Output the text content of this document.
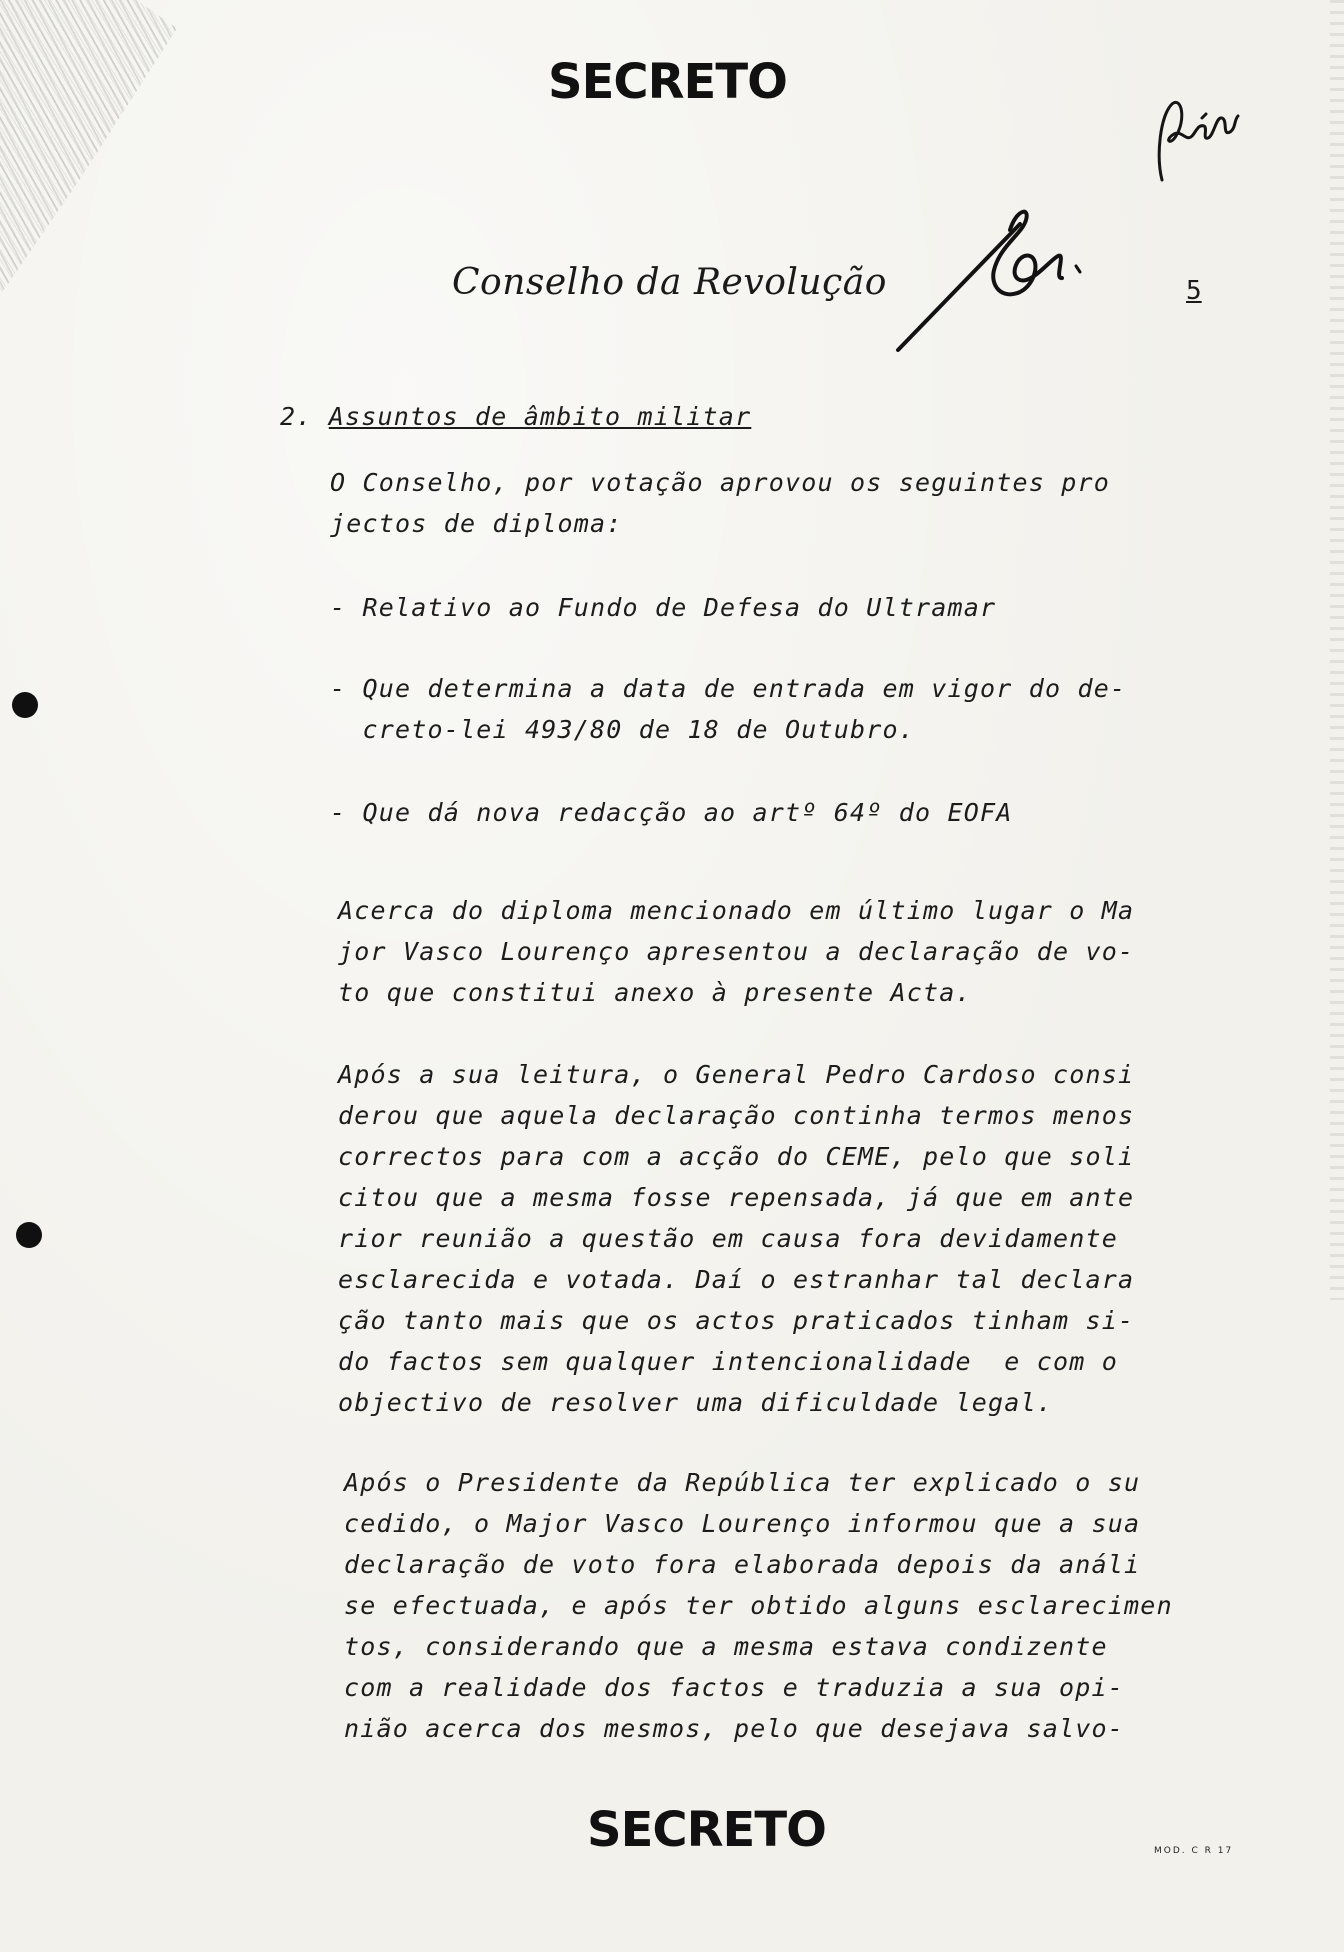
SECRETO
Conselho da Revolução	5
2. Assuntos de âmbito militar
O Conselho, por votação aprovou os seguintes pro
jectos de diploma:
- Relativo ao Fundo de Defesa do Ultramar
- Que determina a data de entrada em vigor do de-
creto-lei 493/80 de 18 de Outubro.
- Que dá nova redacção ao artº 64º do EOFA
Acerca do diploma mencionado em último lugar o Ma
jor Vasco Lourenço apresentou a declaração de vo-
to que constitui anexo à presente Acta.
Após a sua leitura, o General Pedro Cardoso consi
derou que aquela declaração continha termos menos
correctos para com a acção do CEME, pelo que soli
citou que a mesma fosse repensada, já que em ante
rior reunião a questão em causa fora devidamente
esclarecida e votada. Daí o estranhar tal declara
ção tanto mais que os actos praticados tinham si-
do factos sem qualquer intencionalidade  e com o
objectivo de resolver uma dificuldade legal.
Após o Presidente da República ter explicado o su
cedido, o Major Vasco Lourenço informou que a sua
declaração de voto fora elaborada depois da análi
se efectuada, e após ter obtido alguns esclarecimen
tos, considerando que a mesma estava condizente
com a realidade dos factos e traduzia a sua opi-
nião acerca dos mesmos, pelo que desejava salvo-
SECRETO	MOD. C R 17
